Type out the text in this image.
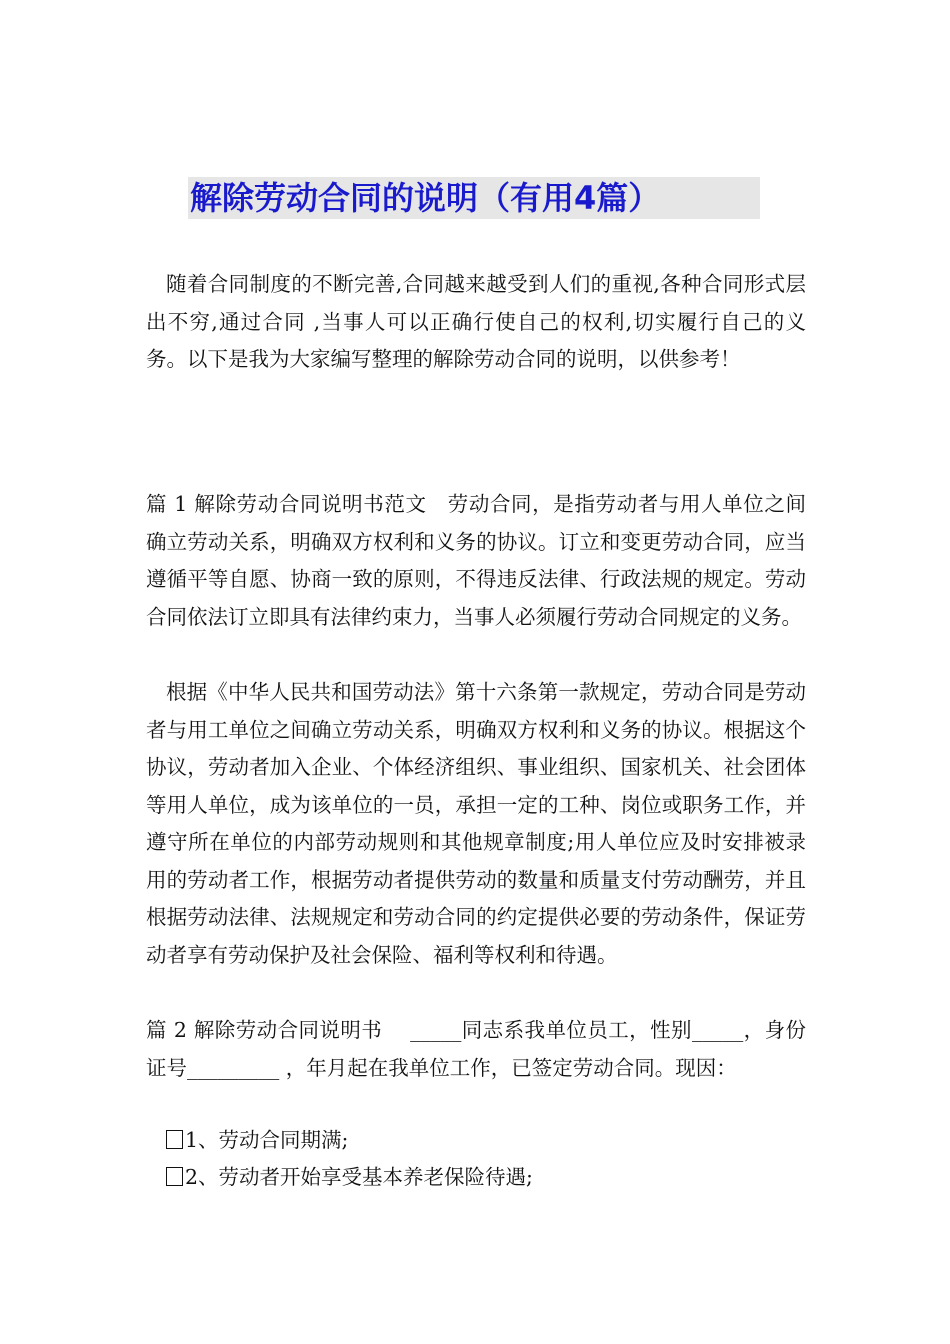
解除劳动合同的说明（有用4篇）

随着合同制度的不断完善,合同越来越受到人们的重视,各种合同形式层出不穷,通过合同 ,当事人可以正确行使自己的权利,切实履行自己的义务。以下是我为大家编写整理的解除劳动合同的说明，以供参考！

篇 1 解除劳动合同说明书范文　劳动合同，是指劳动者与用人单位之间确立劳动关系，明确双方权利和义务的协议。订立和变更劳动合同，应当遵循平等自愿、协商一致的原则，不得违反法律、行政法规的规定。劳动合同依法订立即具有法律约束力，当事人必须履行劳动合同规定的义务。

根据《中华人民共和国劳动法》第十六条第一款规定，劳动合同是劳动者与用工单位之间确立劳动关系，明确双方权利和义务的协议。根据这个协议，劳动者加入企业、个体经济组织、事业组织、国家机关、社会团体等用人单位，成为该单位的一员，承担一定的工种、岗位或职务工作，并遵守所在单位的内部劳动规则和其他规章制度;用人单位应及时安排被录用的劳动者工作，根据劳动者提供劳动的数量和质量支付劳动酬劳，并且根据劳动法律、法规规定和劳动合同的约定提供必要的劳动条件，保证劳动者享有劳动保护及社会保险、福利等权利和待遇。

篇 2 解除劳动合同说明书　 _____同志系我单位员工，性别_____，身份证号_________ ，年月起在我单位工作，已签定劳动合同。现因：

1、劳动合同期满;
2、劳动者开始享受基本养老保险待遇;
